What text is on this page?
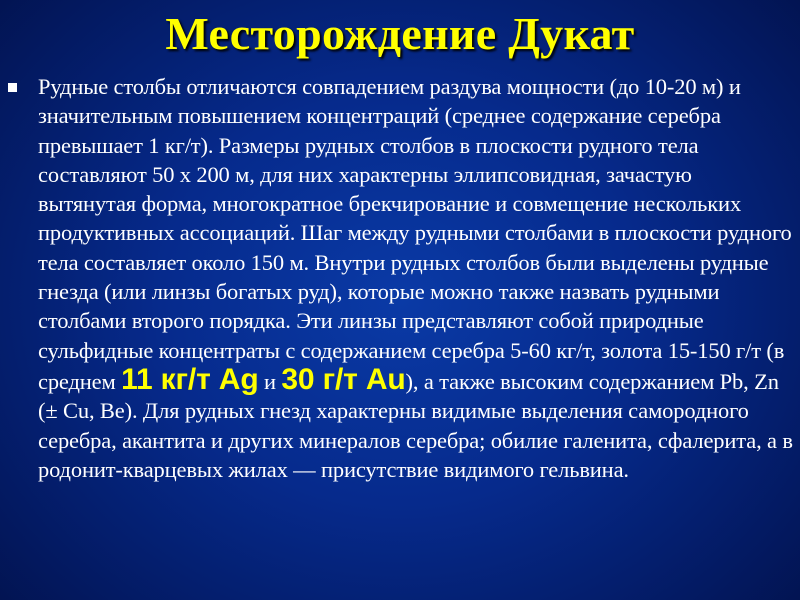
Месторождение Дукат
Рудные столбы отличаются совпадением раздува мощности (до 10-20 м) и значительным повышением концентраций (среднее содержание серебра превышает 1 кг/т). Размеры рудных столбов в плоскости рудного тела составляют 50 х 200 м, для них характерны эллипсовидная, зачастую вытянутая форма, многократное брекчирование и совмещение нескольких продуктивных ассоциаций. Шаг между рудными столбами в плоскости рудного тела составляет около 150 м. Внутри рудных столбов были выделены рудные гнезда (или линзы богатых руд), которые можно также назвать рудными столбами второго порядка. Эти линзы представляют собой природные сульфидные концентраты с содержанием серебра 5-60 кг/т, золота 15-150 г/т (в среднем 11 кг/т Ag и 30 г/т Au), а также высоким содержанием Pb, Zn (± Cu, Be). Для рудных гнезд характерны видимые выделения самородного серебра, акантита и других минералов серебра; обилие галенита, сфалерита, а в родонит-кварцевых жилах — присутствие видимого гельвина.
